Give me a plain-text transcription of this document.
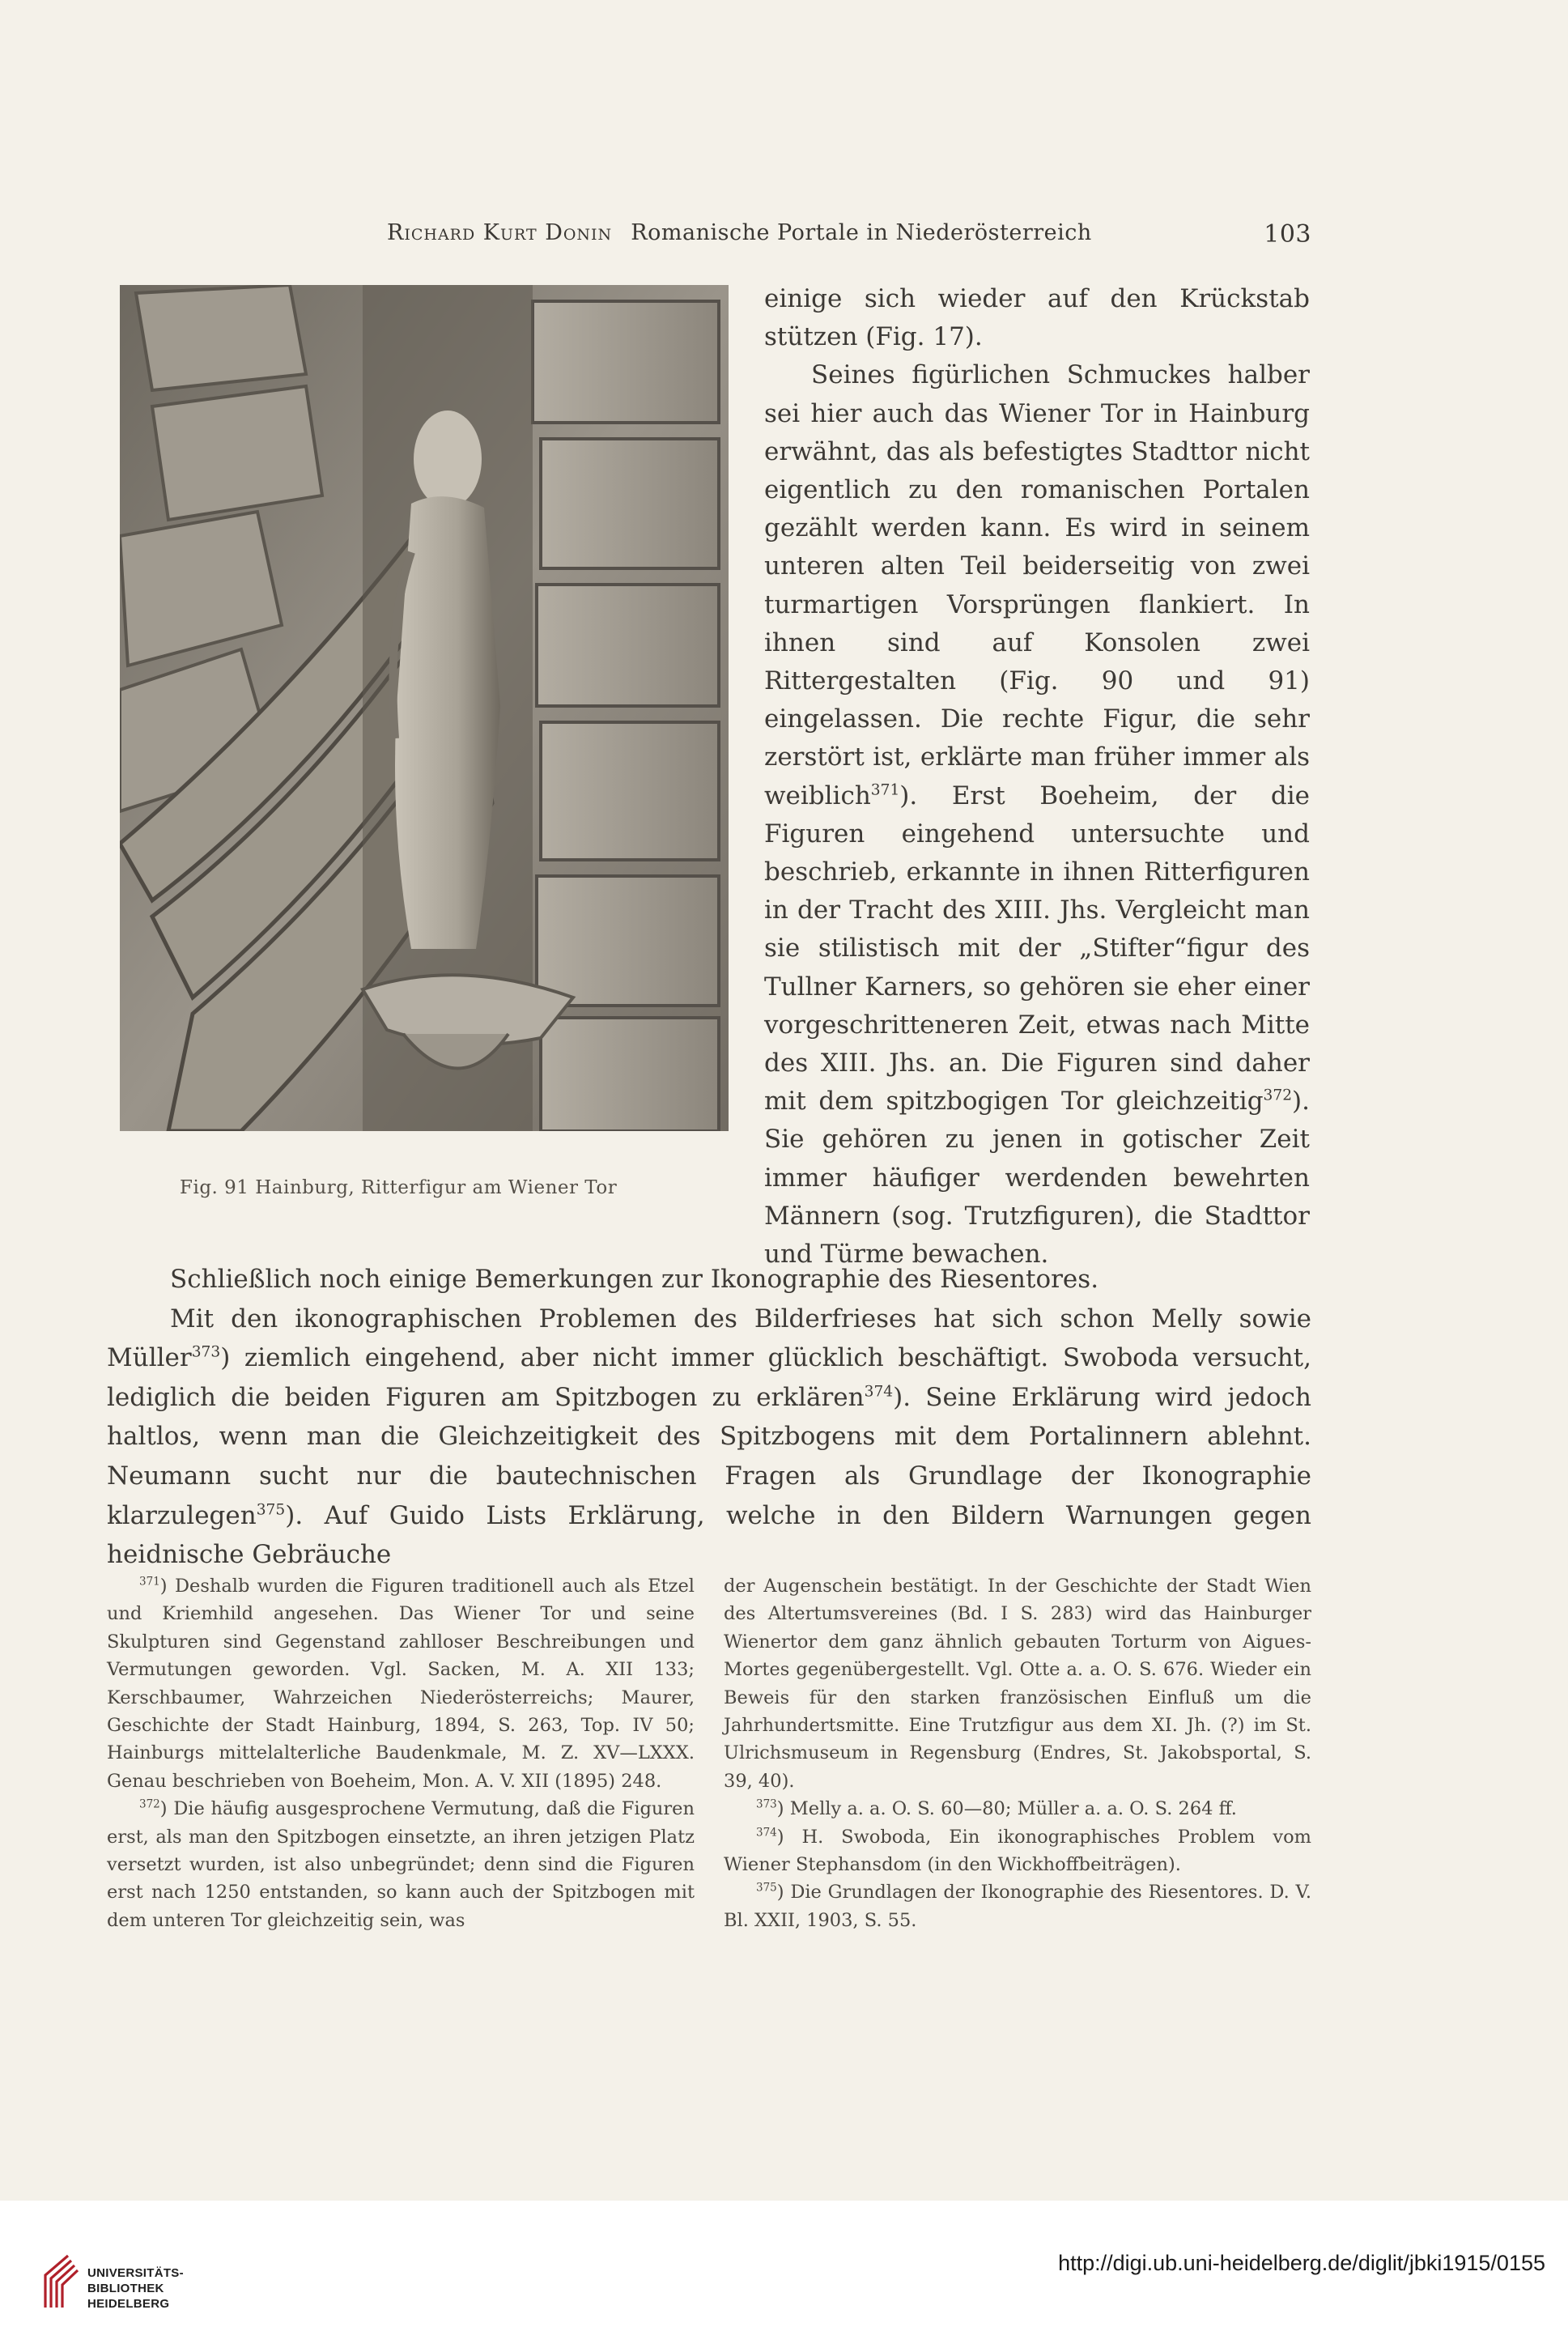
Richard Kurt Donin Romanische Portale in Niederösterreich	103
Fig. 91 Hainburg, Ritterfigur am Wiener Tor

einige sich wieder auf den Krückstab stützen (Fig. 17).

Seines figürlichen Schmuckes halber sei hier auch das Wiener Tor in Hainburg erwähnt, das als befestigtes Stadttor nicht eigentlich zu den romanischen Portalen gezählt werden kann. Es wird in seinem unteren alten Teil beiderseitig von zwei turmartigen Vorsprüngen flankiert. In ihnen sind auf Konsolen zwei Rittergestalten (Fig. 90 und 91) eingelassen. Die rechte Figur, die sehr zerstört ist, erklärte man früher immer als weiblich$^{371}$). Erst Boeheim, der die Figuren eingehend untersuchte und beschrieb, erkannte in ihnen Ritterfiguren in der Tracht des XIII. Jhs. Vergleicht man sie stilistisch mit der „Stifter“figur des Tullner Karners, so gehören sie eher einer vorgeschritteneren Zeit, etwas nach Mitte des XIII. Jhs. an. Die Figuren sind daher mit dem spitzbogigen Tor gleichzeitig$^{372}$). Sie gehören zu jenen in gotischer Zeit immer häufiger werdenden bewehrten Männern (sog. Trutzfiguren), die Stadttor und Türme bewachen.

Schließlich noch einige Bemerkungen zur Ikonographie des Riesentores.

Mit den ikonographischen Problemen des Bilderfrieses hat sich schon Melly sowie Müller$^{373}$) ziemlich eingehend, aber nicht immer glücklich beschäftigt. Swoboda versucht, lediglich die beiden Figuren am Spitzbogen zu erklären$^{374}$). Seine Erklärung wird jedoch haltlos, wenn man die Gleichzeitigkeit des Spitzbogens mit dem Portalinnern ablehnt. Neumann sucht nur die bautechnischen Fragen als Grundlage der Ikonographie klarzulegen$^{375}$). Auf Guido Lists Erklärung, welche in den Bildern Warnungen gegen heidnische Gebräuche

$^{371}$) Deshalb wurden die Figuren traditionell auch als Etzel und Kriemhild angesehen. Das Wiener Tor und seine Skulpturen sind Gegenstand zahlloser Beschreibungen und Vermutungen geworden. Vgl. Sacken, M. A. XII 133; Kerschbaumer, Wahrzeichen Niederösterreichs; Maurer, Geschichte der Stadt Hainburg, 1894, S. 263, Top. IV 50; Hainburgs mittelalterliche Baudenkmale, M. Z. XV—LXXX. Genau beschrieben von Boeheim, Mon. A. V. XII (1895) 248.

$^{372}$) Die häufig ausgesprochene Vermutung, daß die Figuren erst, als man den Spitzbogen einsetzte, an ihren jetzigen Platz versetzt wurden, ist also unbegründet; denn sind die Figuren erst nach 1250 entstanden, so kann auch der Spitzbogen mit dem unteren Tor gleichzeitig sein, was

der Augenschein bestätigt. In der Geschichte der Stadt Wien des Altertumsvereines (Bd. I S. 283) wird das Hainburger Wienertor dem ganz ähnlich gebauten Torturm von Aigues-Mortes gegenübergestellt. Vgl. Otte a. a. O. S. 676. Wieder ein Beweis für den starken französischen Einfluß um die Jahrhundertsmitte. Eine Trutzfigur aus dem XI. Jh. (?) im St. Ulrichsmuseum in Regensburg (Endres, St. Jakobsportal, S. 39, 40).

$^{373}$) Melly a. a. O. S. 60—80; Müller a. a. O. S. 264 ff.

$^{374}$) H. Swoboda, Ein ikonographisches Problem vom Wiener Stephansdom (in den Wickhoffbeiträgen).

$^{375}$) Die Grundlagen der Ikonographie des Riesentores. D. V. Bl. XXII, 1903, S. 55.

UNIVERSITÄTS-
BIBLIOTHEK
HEIDELBERG
http://digi.ub.uni-heidelberg.de/diglit/jbki1915/0155
